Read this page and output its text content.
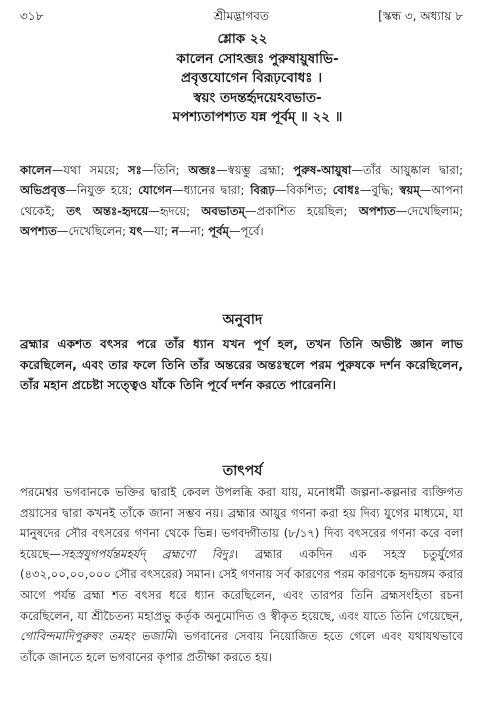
৩১৮	শ্রীমদ্ভাগবত	[স্কন্ধ ৩, অধ্যায় ৮
শ্লোক ২২
কালেন সোঽব্জঃ পুরুষায়ুষাভি-
প্রবৃত্তযোগেন বিরূঢ়বোধঃ ।
স্বয়ং তদন্তর্হৃদয়েঽবভাত-
মপশ্যতাপশ্যত যন্ন পূর্বম্ ॥ ২২ ॥
কালেন—যথা সময়ে; সঃ—তিনি; অব্জঃ—স্বয়ম্ভু ব্রহ্মা; পুরুষ-আয়ুষা—তাঁর আয়ুষ্কাল দ্বারা; অভিপ্রবৃত্ত—নিযুক্ত হয়ে; যোগেন—ধ্যানের দ্বারা; বিরূঢ়—বিকশিত; বোধঃ—বুদ্ধি; স্বয়ম্—আপনা থেকেই; তৎ অন্তঃ-হৃদয়ে—হৃদয়ে; অবভাতম্—প্রকাশিত হয়েছিল; অপশ্যত—দেখেছিলাম; অপশ্যত—দেখেছিলেন; যৎ—যা; ন—না; পূর্বম্—পূর্বে।
অনুবাদ
ব্রহ্মার একশত বৎসর পরে তাঁর ধ্যান যখন পূর্ণ হল, তখন তিনি অভীষ্ট জ্ঞান লাভ করেছিলেন, এবং তার ফলে তিনি তাঁর অন্তরের অন্তঃস্থলে পরম পুরুষকে দর্শন করেছিলেন, তাঁর মহান প্রচেষ্টা সত্ত্বেও যাঁকে তিনি পূর্বে দর্শন করতে পারেননি।
তাৎপর্য
পরমেশ্বর ভগবানকে ভক্তির দ্বারাই কেবল উপলব্ধি করা যায়, মনোধর্মী জল্পনা-কল্পনার ব্যক্তিগত প্রয়াসের দ্বারা কখনই তাঁকে জানা সম্ভব নয়। ব্রহ্মার আয়ুর গণনা করা হয় দিব্য যুগের মাধ্যমে, যা মানুষদের সৌর বৎসরের গণনা থেকে ভিন্ন। ভগবদ্গীতায় (৮/১৭) দিব্য বৎসরের গণনা করে বলা হয়েছে—সহস্রযুগপর্যন্তমহর্যদ্ ব্রহ্মণো বিদুঃ। ব্রহ্মার একদিন এক সহস্র চতুর্যুগের (৪৩২,০০,০০,০০০ সৌর বৎসরের) সমান। সেই গণনায় সর্ব কারণের পরম কারণকে হৃদয়ঙ্গম করার আগে পর্যন্ত ব্রহ্মা শত বৎসর ধরে ধ্যান করেছিলেন, এবং তারপর তিনি ব্রহ্মসংহিতা রচনা করেছিলেন, যা শ্রীচৈতন্য মহাপ্রভু কর্তৃক অনুমোদিত ও স্বীকৃত হয়েছে, এবং যাতে তিনি গেয়েছেন, গোবিন্দমাদিপুরুষং তমহং ভজামি। ভগবানের সেবায় নিয়োজিত হতে গেলে এবং যথাযথভাবে তাঁকে জানতে হলে ভগবানের কৃপার প্রতীক্ষা করতে হয়।
